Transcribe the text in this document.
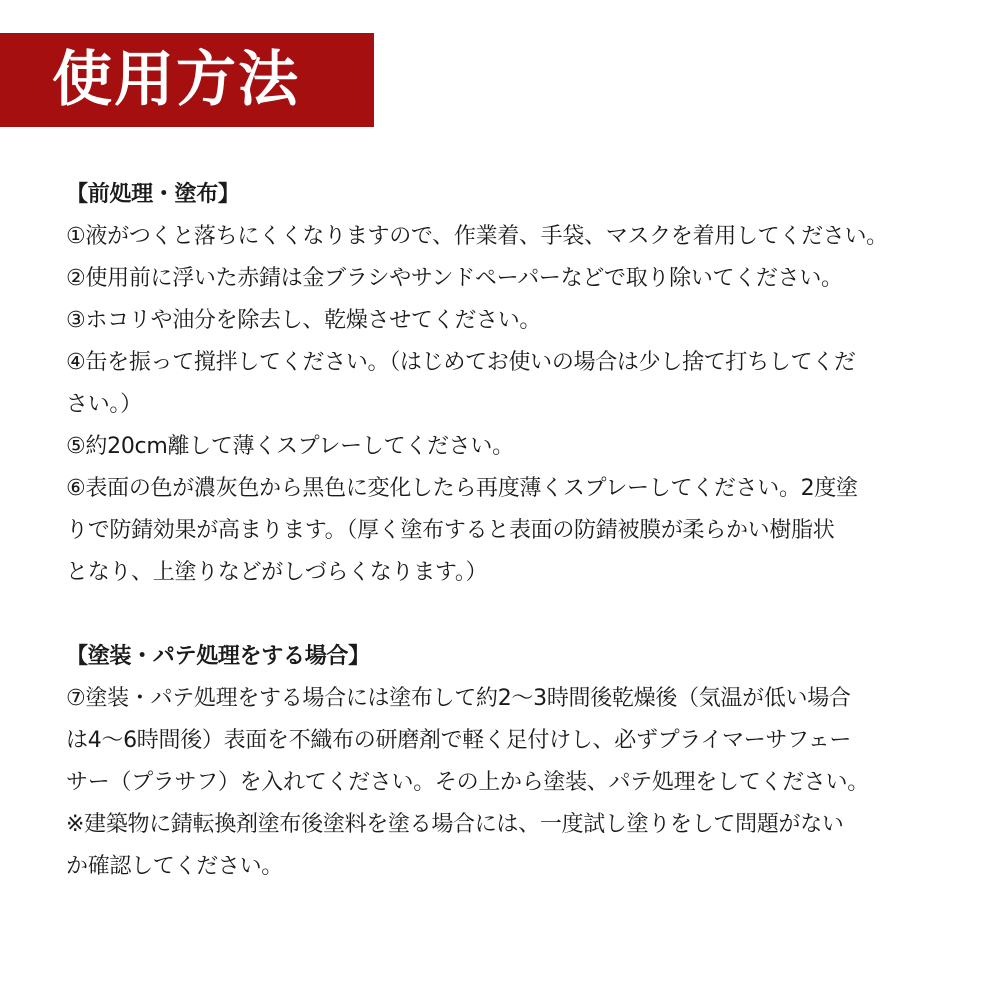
使用方法
【前処理・塗布】
①液がつくと落ちにくくなりますので、作業着、手袋、マスクを着用してください。
②使用前に浮いた赤錆は金ブラシやサンドペーパーなどで取り除いてください。
③ホコリや油分を除去し、乾燥させてください。
④缶を振って撹拌してください。（はじめてお使いの場合は少し捨て打ちしてくだ
さい。）
⑤約20cm離して薄くスプレーしてください。
⑥表面の色が濃灰色から黒色に変化したら再度薄くスプレーしてください。2度塗
りで防錆効果が高まります。（厚く塗布すると表面の防錆被膜が柔らかい樹脂状
となり、上塗りなどがしづらくなります。）
【塗装・パテ処理をする場合】
⑦塗装・パテ処理をする場合には塗布して約2～3時間後乾燥後（気温が低い場合
は4～6時間後）表面を不織布の研磨剤で軽く足付けし、必ずプライマーサフェー
サー（プラサフ）を入れてください。その上から塗装、パテ処理をしてください。
※建築物に錆転換剤塗布後塗料を塗る場合には、一度試し塗りをして問題がない
か確認してください。
